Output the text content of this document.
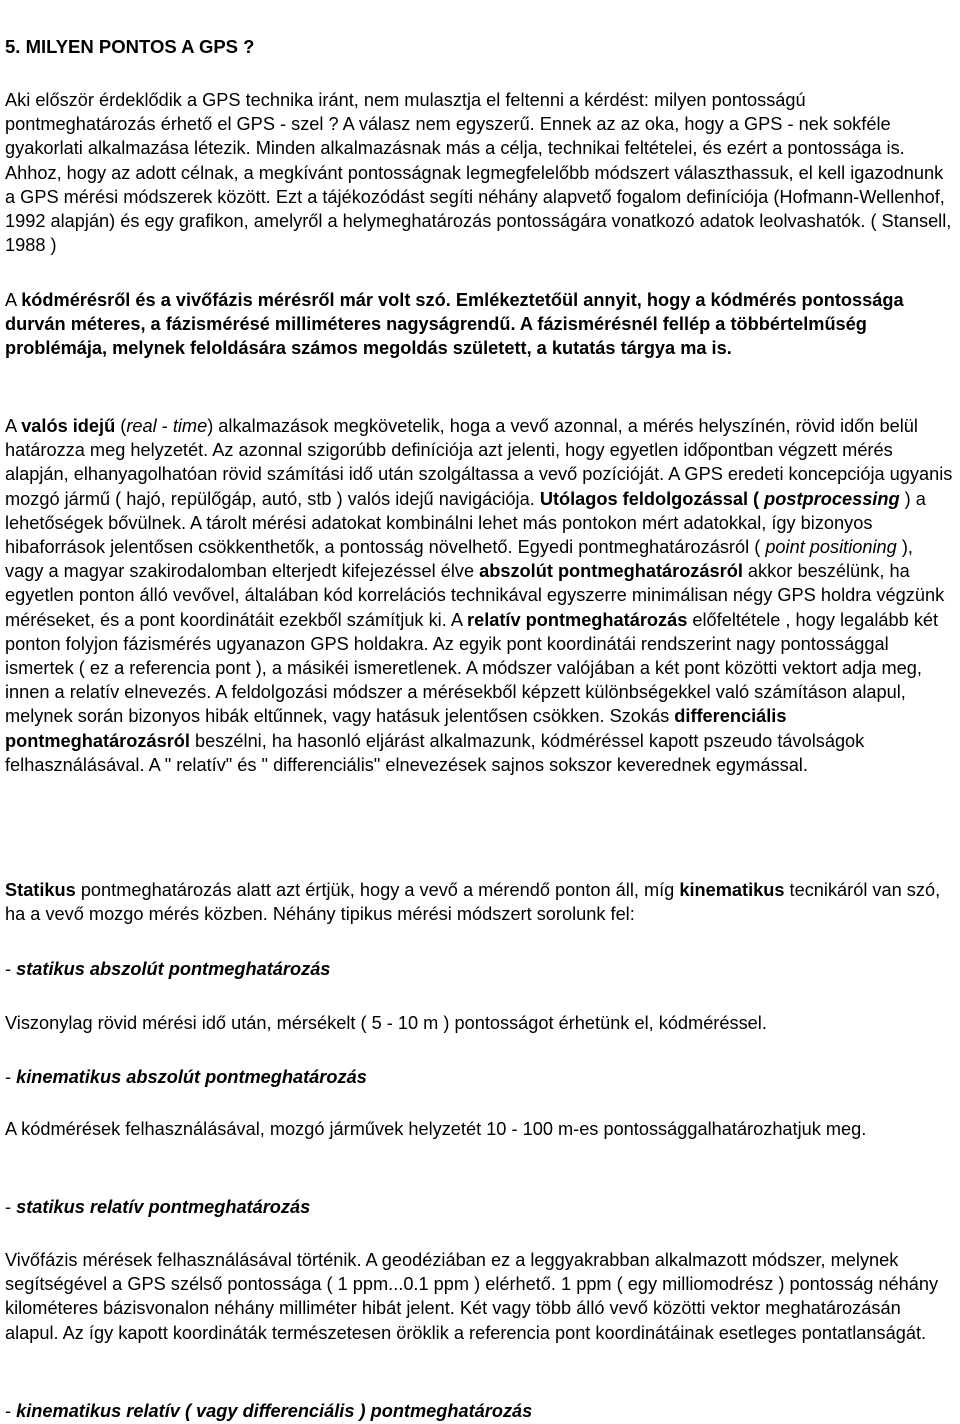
5. MILYEN PONTOS A GPS ?

Aki először érdeklődik a GPS technika iránt, nem mulasztja el feltenni a kérdést: milyen pontosságú pontmeghatározás érhető el GPS - szel ? A válasz nem egyszerű. Ennek az az oka, hogy a GPS - nek sokféle gyakorlati alkalmazása létezik. Minden alkalmazásnak más a célja, technikai feltételei, és ezért a pontossága is. Ahhoz, hogy az adott célnak, a megkívánt pontosságnak legmegfelelőbb módszert választhassuk, el kell igazodnunk a GPS mérési módszerek között. Ezt a tájékozódást segíti néhány alapvető fogalom definíciója (Hofmann-Wellenhof, 1992 alapján) és egy grafikon, amelyről a helymeghatározás pontosságára vonatkozó adatok leolvashatók. ( Stansell, 1988 )

A kódmérésről és a vivőfázis mérésről már volt szó. Emlékeztetőül annyit, hogy a kódmérés pontossága durván méteres, a fázismérésé milliméteres nagyságrendű. A fázismérésnél fellép a többértelműség problémája, melynek feloldására számos megoldás született, a kutatás tárgya ma is.

A valós idejű (real - time) alkalmazások megkövetelik, hoga a vevő azonnal, a mérés helyszínén, rövid időn belül határozza meg helyzetét. Az azonnal szigorúbb definíciója azt jelenti, hogy egyetlen időpontban végzett mérés alapján, elhanyagolhatóan rövid számítási idő után szolgáltassa a vevő pozícióját. A GPS eredeti koncepciója ugyanis mozgó jármű ( hajó, repülőgáp, autó, stb ) valós idejű navigációja. Utólagos feldolgozással ( postprocessing ) a lehetőségek bővülnek. A tárolt mérési adatokat kombinálni lehet más pontokon mért adatokkal, így bizonyos hibaforrások jelentősen csökkenthetők, a pontosság növelhető. Egyedi pontmeghatározásról ( point positioning ), vagy a magyar szakirodalomban elterjedt kifejezéssel élve abszolút pontmeghatározásról akkor beszélünk, ha egyetlen ponton álló vevővel, általában kód korrelációs technikával egyszerre minimálisan négy GPS holdra végzünk méréseket, és a pont koordinátáit ezekből számítjuk ki. A relatív pontmeghatározás előfeltétele , hogy legalább két ponton folyjon fázismérés ugyanazon GPS holdakra. Az egyik pont koordinátái rendszerint nagy pontossággal ismertek ( ez a referencia pont ), a másikéi ismeretlenek. A módszer valójában a két pont közötti vektort adja meg, innen a relatív elnevezés. A feldolgozási módszer a mérésekből képzett különbségekkel való számításon alapul, melynek során bizonyos hibák eltűnnek, vagy hatásuk jelentősen csökken. Szokás differenciális pontmeghatározásról beszélni, ha hasonló eljárást alkalmazunk, kódméréssel kapott pszeudo távolságok felhasználásával. A " relatív" és " differenciális" elnevezések sajnos sokszor keverednek egymással.

Statikus pontmeghatározás alatt azt értjük, hogy a vevő a mérendő ponton áll, míg kinematikus tecnikáról van szó, ha a vevő mozgo mérés közben. Néhány tipikus mérési módszert sorolunk fel:

- statikus abszolút pontmeghatározás

Viszonylag rövid mérési idő után, mérsékelt ( 5 - 10 m ) pontosságot érhetünk el, kódméréssel.

- kinematikus abszolút pontmeghatározás

A kódmérések felhasználásával, mozgó járművek helyzetét 10 - 100 m-es pontossággalhatározhatjuk meg.

- statikus relatív pontmeghatározás

Vivőfázis mérések felhasználásával történik. A geodéziában ez a leggyakrabban alkalmazott módszer, melynek segítségével a GPS szélső pontossága ( 1 ppm...0.1 ppm ) elérhető. 1 ppm ( egy milliomodrész ) pontosság néhány kilométeres bázisvonalon néhány milliméter hibát jelent. Két vagy több álló vevő közötti vektor meghatározásán alapul. Az így kapott koordináták természetesen öröklik a referencia pont koordinátáinak esetleges pontatlanságát.

- kinematikus relatív ( vagy differenciális ) pontmeghatározás
